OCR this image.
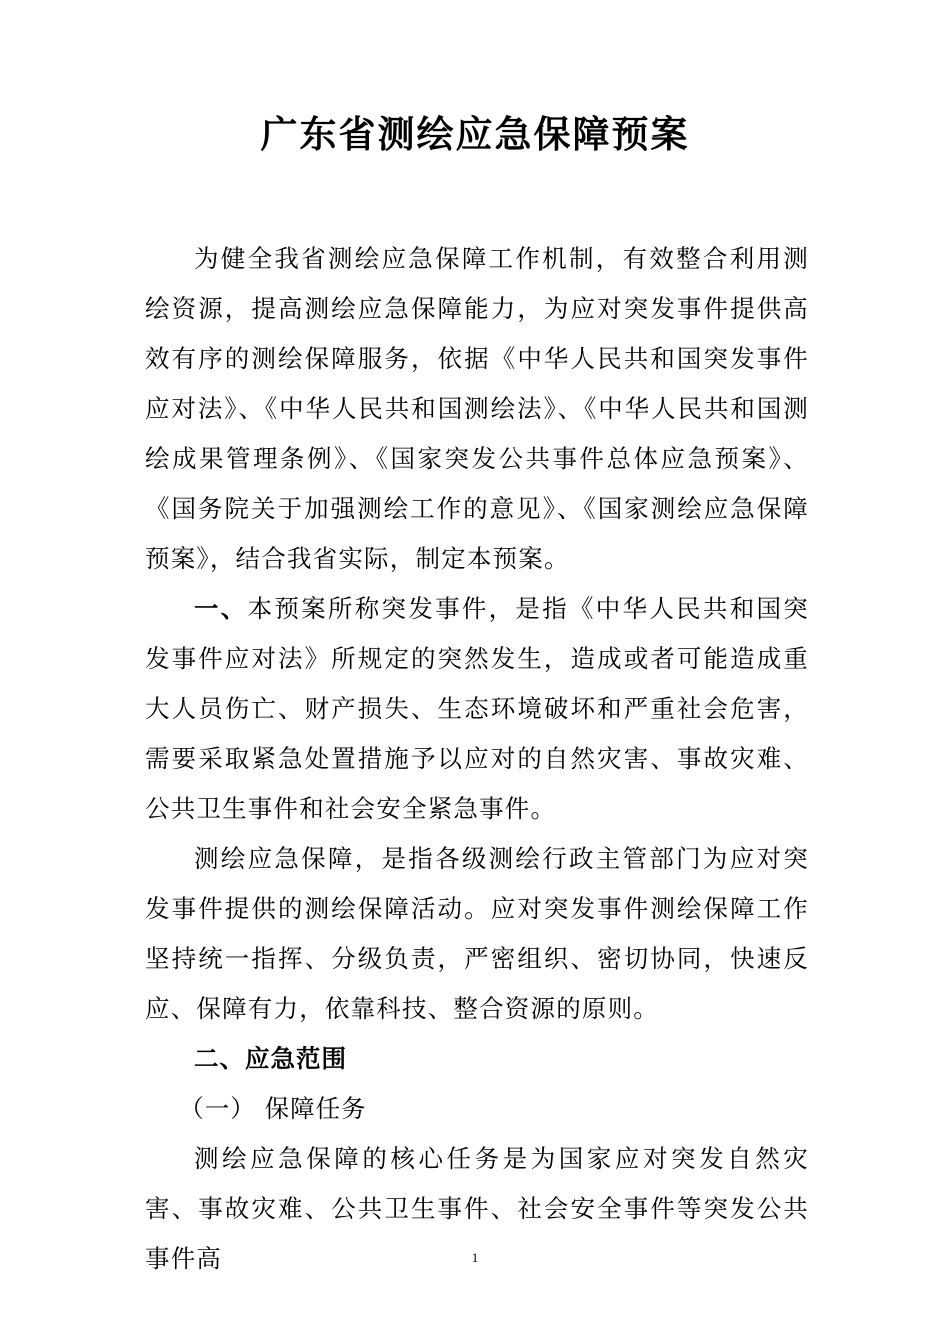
广东省测绘应急保障预案

为健全我省测绘应急保障工作机制，有效整合利用测绘资源，提高测绘应急保障能力，为应对突发事件提供高效有序的测绘保障服务，依据《中华人民共和国突发事件应对法》、《中华人民共和国测绘法》、《中华人民共和国测绘成果管理条例》、《国家突发公共事件总体应急预案》、《国务院关于加强测绘工作的意见》、《国家测绘应急保障预案》，结合我省实际，制定本预案。

一、本预案所称突发事件，是指《中华人民共和国突发事件应对法》所规定的突然发生，造成或者可能造成重大人员伤亡、财产损失、生态环境破坏和严重社会危害，需要采取紧急处置措施予以应对的自然灾害、事故灾难、公共卫生事件和社会安全紧急事件。

测绘应急保障，是指各级测绘行政主管部门为应对突发事件提供的测绘保障活动。应对突发事件测绘保障工作坚持统一指挥、分级负责，严密组织、密切协同，快速反应、保障有力，依靠科技、整合资源的原则。

二、应急范围

（一） 保障任务

测绘应急保障的核心任务是为国家应对突发自然灾害、事故灾难、公共卫生事件、社会安全事件等突发公共事件高	1
